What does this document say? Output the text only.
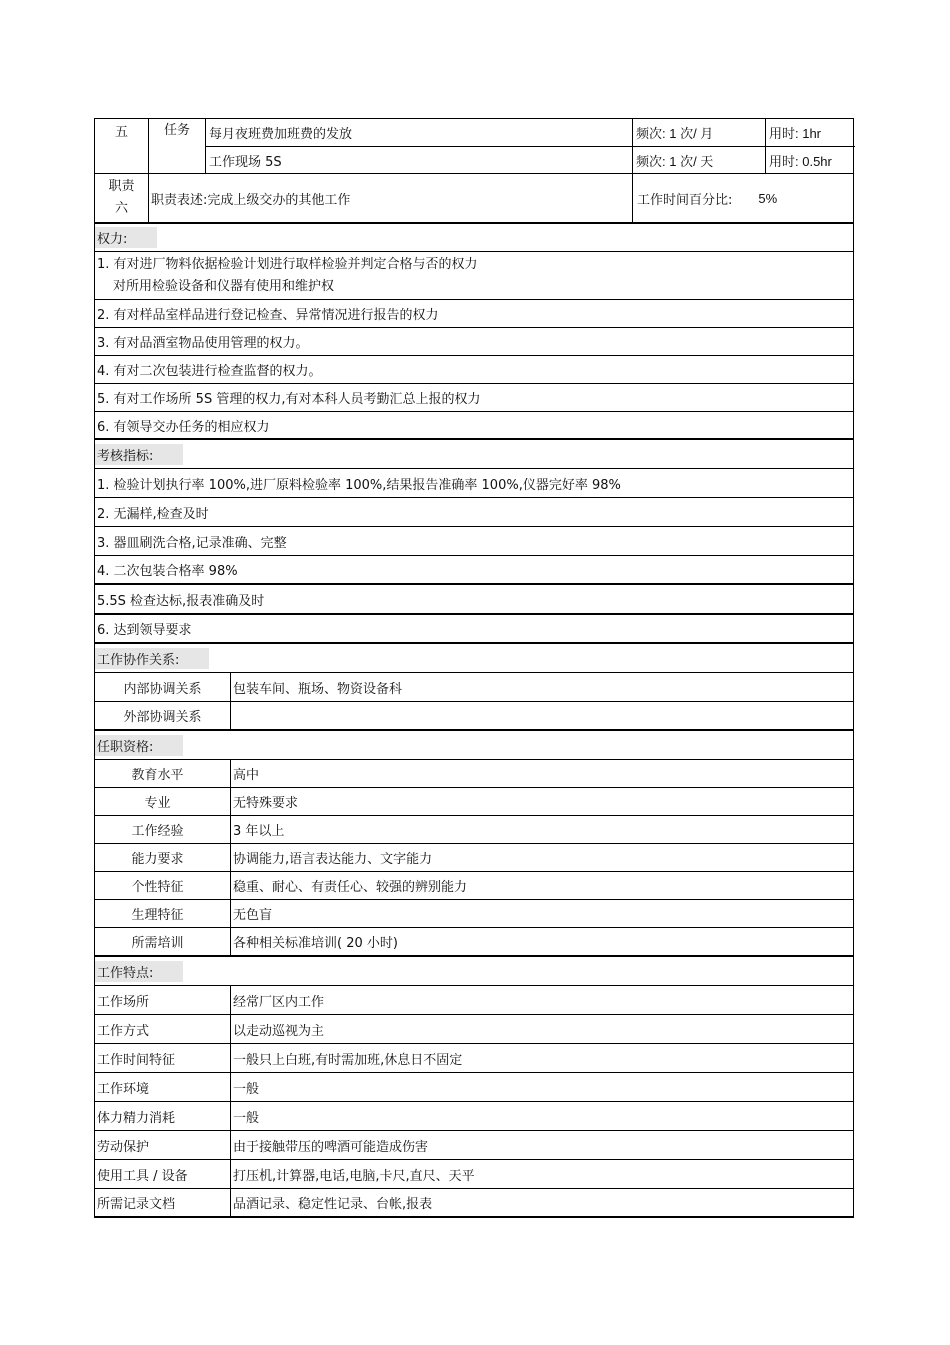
五	任务	每月夜班费加班费的发放	频次: 1 次/ 月	用时: 1hr
工作现场 5S	频次: 1 次/ 天	用时: 0.5hr
职责
六
职责表述:完成上级交办的其他工作	工作时间百分比: 5%
权力:
1. 有对进厂物料依据检验计划进行取样检验并判定合格与否的权力
对所用检验设备和仪器有使用和维护权
2. 有对样品室样品进行登记检查、异常情况进行报告的权力
3. 有对品酒室物品使用管理的权力。
4. 有对二次包装进行检查监督的权力。
5. 有对工作场所 5S 管理的权力,有对本科人员考勤汇总上报的权力
6. 有领导交办任务的相应权力
考核指标:
1. 检验计划执行率 100%,进厂原料检验率 100%,结果报告准确率 100%,仪器完好率 98%
2. 无漏样,检查及时
3. 器皿刷洗合格,记录准确、完整
4. 二次包装合格率 98%
5.5S 检查达标,报表准确及时
6. 达到领导要求
工作协作关系:
内部协调关系	包装车间、瓶场、物资设备科
外部协调关系
任职资格:
教育水平	高中
专业	无特殊要求
工作经验	3 年以上
能力要求	协调能力,语言表达能力、文字能力
个性特征	稳重、耐心、有责任心、较强的辨别能力
生理特征	无色盲
所需培训	各种相关标准培训( 20 小时)
工作特点:
工作场所	经常厂区内工作
工作方式	以走动巡视为主
工作时间特征	一般只上白班,有时需加班,休息日不固定
工作环境	一般
体力精力消耗	一般
劳动保护	由于接触带压的啤酒可能造成伤害
使用工具 / 设备	打压机,计算器,电话,电脑,卡尺,直尺、天平
所需记录文档	品酒记录、稳定性记录、台帐,报表
